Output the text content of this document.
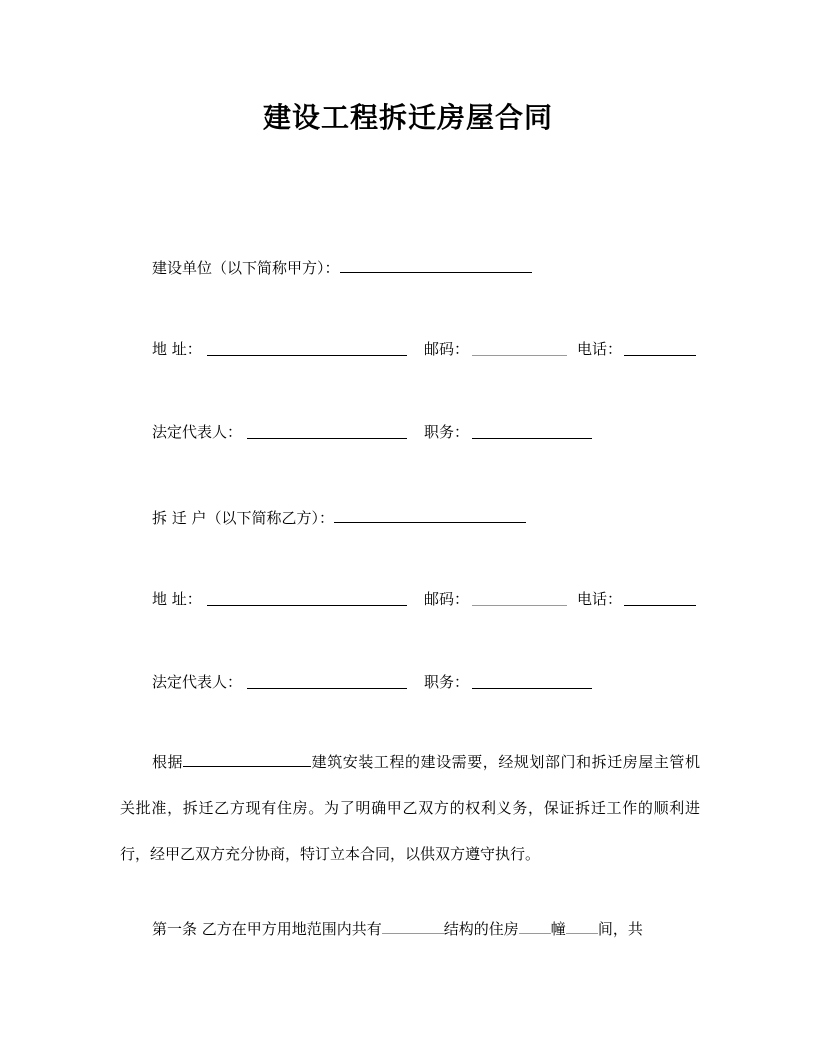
建设工程拆迁房屋合同
建设单位（以下简称甲方）：
地 址：	邮码：	电话：
法定代表人：	职务：
拆 迁 户（以下简称乙方）：
地 址：	邮码：	电话：
法定代表人：	职务：
根据	建筑安装工程的建设需要，经规划部门和拆迁房屋主管机关批准，拆迁乙方现有住房。为了明确甲乙双方的权利义务，保证拆迁工作的顺利进行，经甲乙双方充分协商，特订立本合同，以供双方遵守执行。
第一条 乙方在甲方用地范围内共有	结构的住房 幢 间，共
